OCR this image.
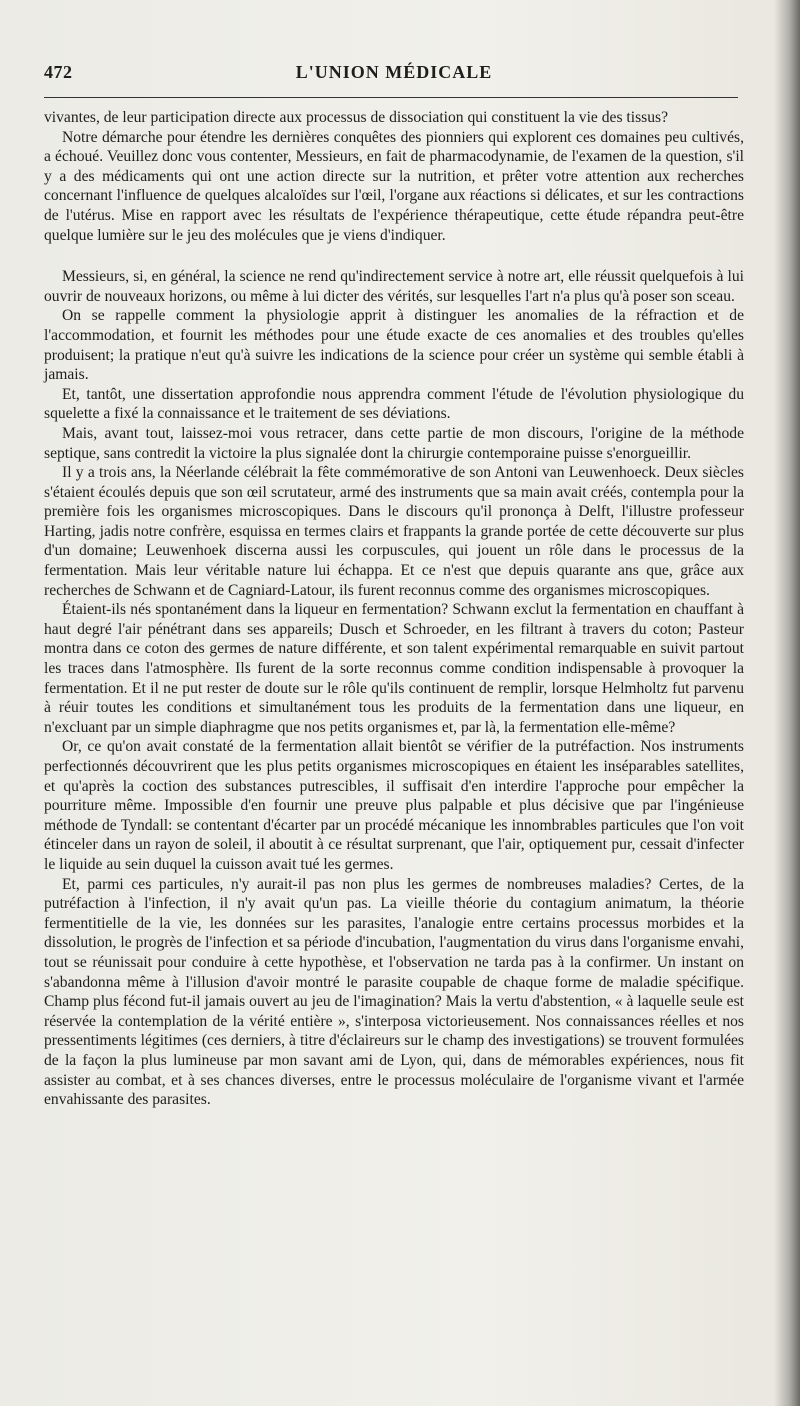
L'UNION MÉDICALE
472

vivantes, de leur participation directe aux processus de dissociation qui constituent la vie des tissus?

Notre démarche pour étendre les dernières conquêtes des pionniers qui explorent ces domaines peu cultivés, a échoué. Veuillez donc vous contenter, Messieurs, en fait de pharmacodynamie, de l'examen de la question, s'il y a des médicaments qui ont une action directe sur la nutrition, et prêter votre attention aux recherches concernant l'influence de quelques alcaloïdes sur l'œil, l'organe aux réactions si délicates, et sur les contractions de l'utérus. Mise en rapport avec les résultats de l'expérience thérapeutique, cette étude répandra peut-être quelque lumière sur le jeu des molécules que je viens d'indiquer.

Messieurs, si, en général, la science ne rend qu'indirectement service à notre art, elle réussit quelquefois à lui ouvrir de nouveaux horizons, ou même à lui dicter des vérités, sur lesquelles l'art n'a plus qu'à poser son sceau.

On se rappelle comment la physiologie apprit à distinguer les anomalies de la réfraction et de l'accommodation, et fournit les méthodes pour une étude exacte de ces anomalies et des troubles qu'elles produisent; la pratique n'eut qu'à suivre les indications de la science pour créer un système qui semble établi à jamais.

Et, tantôt, une dissertation approfondie nous apprendra comment l'étude de l'évolution physiologique du squelette a fixé la connaissance et le traitement de ses déviations.

Mais, avant tout, laissez-moi vous retracer, dans cette partie de mon discours, l'origine de la méthode septique, sans contredit la victoire la plus signalée dont la chirurgie contemporaine puisse s'enorgueillir.

Il y a trois ans, la Néerlande célébrait la fête commémorative de son Antoni van Leuwenhoeck. Deux siècles s'étaient écoulés depuis que son œil scrutateur, armé des instruments que sa main avait créés, contempla pour la première fois les organismes microscopiques. Dans le discours qu'il prononça à Delft, l'illustre professeur Harting, jadis notre confrère, esquissa en termes clairs et frappants la grande portée de cette découverte sur plus d'un domaine; Leuwenhoek discerna aussi les corpuscules, qui jouent un rôle dans le processus de la fermentation. Mais leur véritable nature lui échappa. Et ce n'est que depuis quarante ans que, grâce aux recherches de Schwann et de Cagniard-Latour, ils furent reconnus comme des organismes microscopiques.

Étaient-ils nés spontanément dans la liqueur en fermentation? Schwann exclut la fermentation en chauffant à haut degré l'air pénétrant dans ses appareils; Dusch et Schroeder, en les filtrant à travers du coton; Pasteur montra dans ce coton des germes de nature différente, et son talent expérimental remarquable en suivit partout les traces dans l'atmosphère. Ils furent de la sorte reconnus comme condition indispensable à provoquer la fermentation. Et il ne put rester de doute sur le rôle qu'ils continuent de remplir, lorsque Helmholtz fut parvenu à réuir toutes les conditions et simultanément tous les produits de la fermentation dans une liqueur, en n'excluant par un simple diaphragme que nos petits organismes et, par là, la fermentation elle-même?

Or, ce qu'on avait constaté de la fermentation allait bientôt se vérifier de la putréfaction. Nos instruments perfectionnés découvrirent que les plus petits organismes microscopiques en étaient les inséparables satellites, et qu'après la coction des substances putrescibles, il suffisait d'en interdire l'approche pour empêcher la pourriture même. Impossible d'en fournir une preuve plus palpable et plus décisive que par l'ingénieuse méthode de Tyndall: se contentant d'écarter par un procédé mécanique les innombrables particules que l'on voit étinceler dans un rayon de soleil, il aboutit à ce résultat surprenant, que l'air, optiquement pur, cessait d'infecter le liquide au sein duquel la cuisson avait tué les germes.

Et, parmi ces particules, n'y aurait-il pas non plus les germes de nombreuses maladies? Certes, de la putréfaction à l'infection, il n'y avait qu'un pas. La vieille théorie du contagium animatum, la théorie fermentitielle de la vie, les données sur les parasites, l'analogie entre certains processus morbides et la dissolution, le progrès de l'infection et sa période d'incubation, l'augmentation du virus dans l'organisme envahi, tout se réunissait pour conduire à cette hypothèse, et l'observation ne tarda pas à la confirmer. Un instant on s'abandonna même à l'illusion d'avoir montré le parasite coupable de chaque forme de maladie spécifique. Champ plus fécond fut-il jamais ouvert au jeu de l'imagination? Mais la vertu d'abstention, « à laquelle seule est réservée la contemplation de la vérité entière », s'interposa victorieusement. Nos connaissances réelles et nos pressentiments légitimes (ces derniers, à titre d'éclaireurs sur le champ des investigations) se trouvent formulées de la façon la plus lumineuse par mon savant ami de Lyon, qui, dans de mémorables expériences, nous fit assister au combat, et à ses chances diverses, entre le processus moléculaire de l'organisme vivant et l'armée envahissante des parasites.
